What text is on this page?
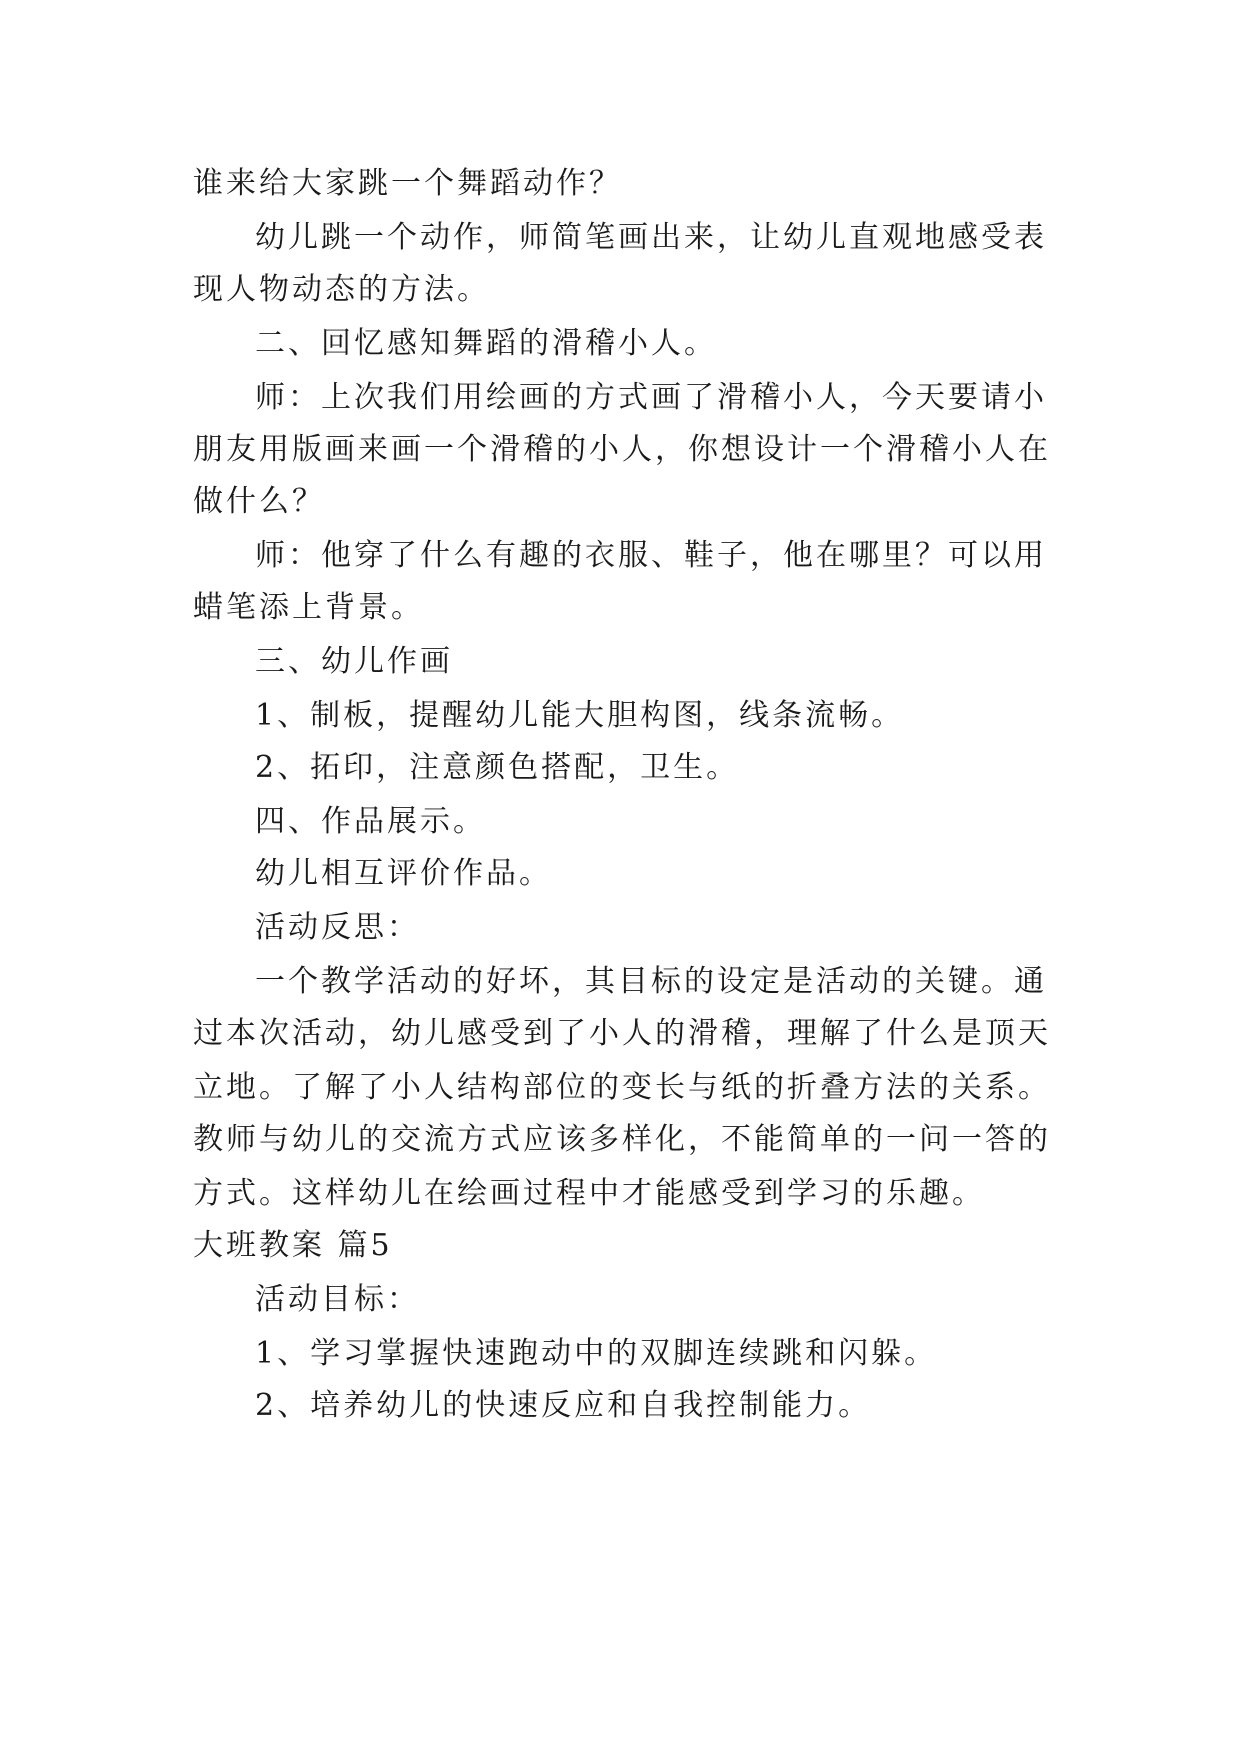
谁来给大家跳一个舞蹈动作？
幼儿跳一个动作，师简笔画出来，让幼儿直观地感受表
现人物动态的方法。
二、回忆感知舞蹈的滑稽小人。
师：上次我们用绘画的方式画了滑稽小人，今天要请小
朋友用版画来画一个滑稽的小人，你想设计一个滑稽小人在
做什么？
师：他穿了什么有趣的衣服、鞋子，他在哪里？可以用
蜡笔添上背景。
三、幼儿作画
1、制板，提醒幼儿能大胆构图，线条流畅。
2、拓印，注意颜色搭配，卫生。
四、作品展示。
幼儿相互评价作品。
活动反思：
一个教学活动的好坏，其目标的设定是活动的关键。通
过本次活动，幼儿感受到了小人的滑稽，理解了什么是顶天
立地。了解了小人结构部位的变长与纸的折叠方法的关系。
教师与幼儿的交流方式应该多样化，不能简单的一问一答的
方式。这样幼儿在绘画过程中才能感受到学习的乐趣。
大班教案 篇5
活动目标：
1、学习掌握快速跑动中的双脚连续跳和闪躲。
2、培养幼儿的快速反应和自我控制能力。
